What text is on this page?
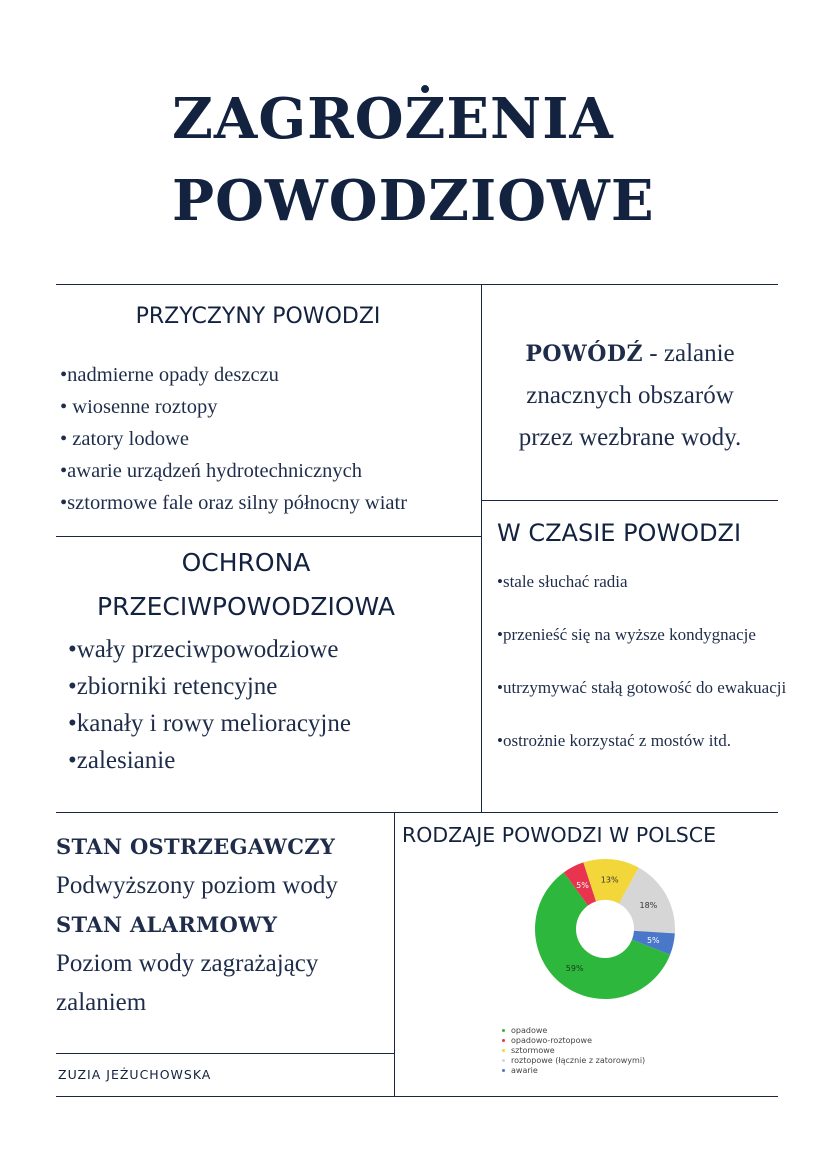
ZAGROŻENIA
POWODZIOWE
PRZYCZYNY POWODZI
•nadmierne opady deszczu
• wiosenne roztopy
• zatory lodowe
•awarie urządzeń hydrotechnicznych
•sztormowe fale oraz silny północny wiatr
POWÓDŹ - zalanie
znacznych obszarów
przez wezbrane wody.
OCHRONA
PRZECIWPOWODZIOWA
•wały przeciwpowodziowe
•zbiorniki retencyjne
•kanały i rowy melioracyjne
•zalesianie
W CZASIE POWODZI
•stale słuchać radia
•przenieść się na wyższe kondygnacje
•utrzymywać stałą gotowość do ewakuacji
•ostrożnie korzystać z mostów itd.
STAN OSTRZEGAWCZY
Podwyższony poziom wody
STAN ALARMOWY
Poziom wody zagrażający zalaniem
ZUZIA JEŻUCHOWSKA
RODZAJE POWODZI W POLSCE
59%
5%
13%
18%
5%
opadowe
opadowo-roztopowe
sztormowe
roztopowe (łącznie z zatorowymi)
awarie
